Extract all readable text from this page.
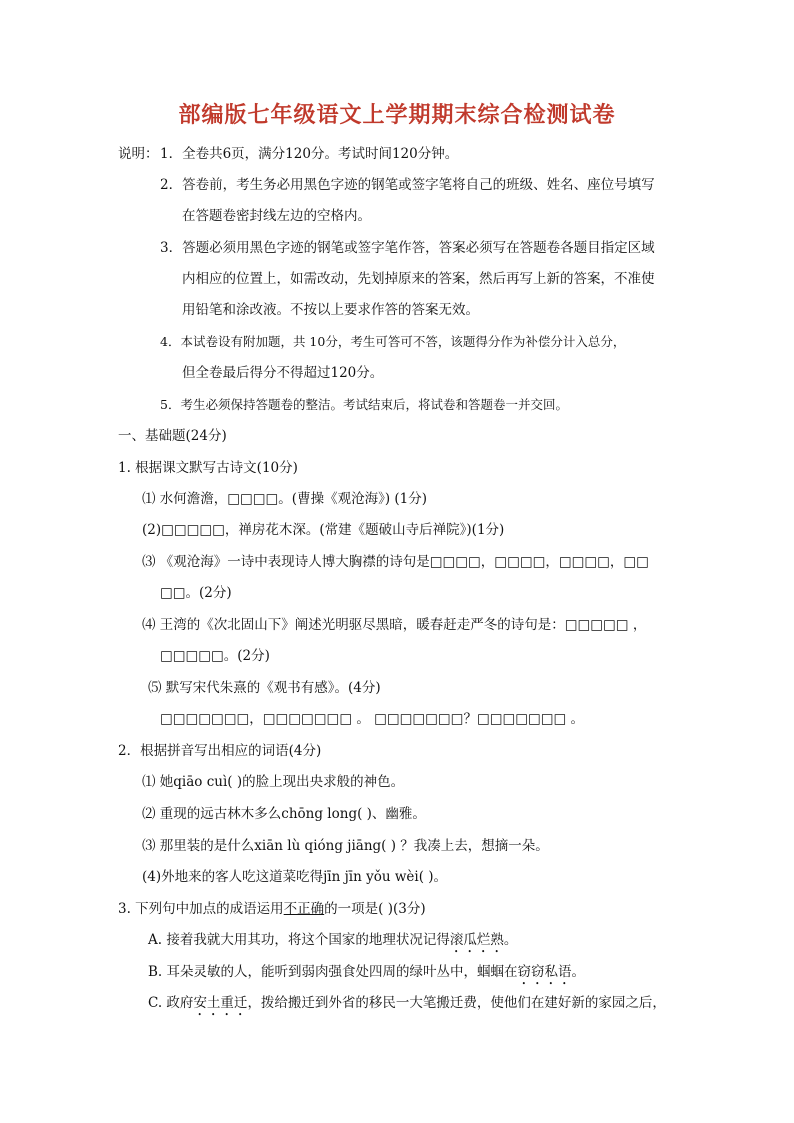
部编版七年级语文上学期期末综合检测试卷
说明： 1．全卷共6页，满分120分。考试时间120分钟。
2．答卷前，考生务必用黑色字迹的钢笔或签字笔将自己的班级、姓名、座位号填写
在答题卷密封线左边的空格内。
3．答题必须用黑色字迹的钢笔或签字笔作答，答案必须写在答题卷各题目指定区域
内相应的位置上，如需改动，先划掉原来的答案，然后再写上新的答案，不准使
用铅笔和涂改液。不按以上要求作答的答案无效。
4．本试卷设有附加题，共 10分，考生可答可不答，该题得分作为补偿分计入总分，
但全卷最后得分不得超过120分。
5．考生必须保持答题卷的整洁。考试结束后，将试卷和答题卷一并交回。
一、基础题(24分)
1. 根据课文默写古诗文(10分)
⑴ 水何澹澹，□□□□。(曹操《观沧海》) (1分)
(2)□□□□□，禅房花木深。(常建《题破山寺后禅院》)(1分)
⑶ 《观沧海》一诗中表现诗人博大胸襟的诗句是□□□□，□□□□，□□□□，□□
□□。(2分)
⑷ 王湾的《次北固山下》阐述光明驱尽黑暗，暖春赶走严冬的诗句是：□□□□□ ，
□□□□□。(2分)
⑸ 默写宋代朱熹的《观书有感》。(4分)
□□□□□□□，□□□□□□□ 。 □□□□□□□？□□□□□□□ 。
2．根据拼音写出相应的词语(4分)
⑴ 她qiāo cuì( )的脸上现出央求般的神色。
⑵ 重现的远古林木多么chōng long( )、幽雅。
⑶ 那里装的是什么xiān lù qióng jiāng( ) ？我凑上去，想摘一朵。
(4)外地来的客人吃这道菜吃得jīn jīn yǒu wèi( )。
3. 下列句中加点的成语运用不正确的一项是( )(3分)
A. 接着我就大用其功，将这个国家的地理状况记得滚瓜烂熟。
B. 耳朵灵敏的人，能听到弱肉强食处四周的绿叶丛中，蝈蝈在窃窃私语。
C. 政府安土重迁，拨给搬迁到外省的移民一大笔搬迁费，使他们在建好新的家园之后，
